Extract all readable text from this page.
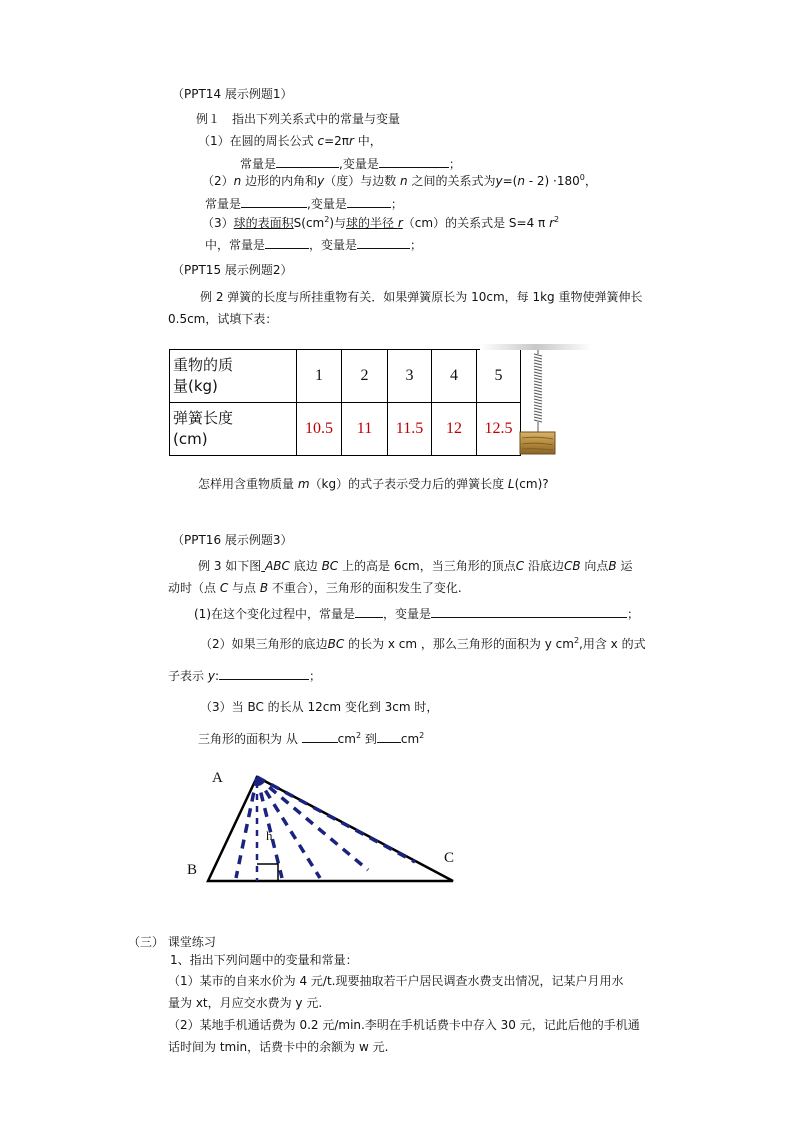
（PPT14 展示例题1）
例１　指出下列关系式中的常量与变量
（1）在圆的周长公式 c=2πr 中，
常量是	,变量是	；
（2）n 边形的内角和y（度）与边数 n 之间的关系式为$y=(n - 2) \cdot 180^0$，
常量是	,变量是	；
（3）球的表面积$S(cm^2)$与球的半径 r（cm）的关系式是 S=4 π $r^2$
中，常量是	，变量是	；
（PPT15 展示例题2）
例 2 弹簧的长度与所挂重物有关．如果弹簧原长为 10cm，每 1kg 重物使弹簧伸长
0.5cm，试填下表：
重物的质
量(kg)	1	2	3	4	5
弹簧长度
(cm)	10.5	11	11.5	12	12.5
怎样用含重物质量 m（kg）的式子表示受力后的弹簧长度 L(cm)?
（PPT16 展示例题3）
例 3 如下图 ABC 底边 BC 上的高是 6cm，当三角形的顶点C 沿底边CB 向点B 运
动时（点 C 与点 B 不重合），三角形的面积发生了变化.
(1)在这个变化过程中，常量是 ，变量是	；
（2）如果三角形的底边BC 的长为 x cm ，那么三角形的面积为 y $cm^2$,用含 x 的式
子表示 y:	；
（3）当 BC 的长从 12cm 变化到 3cm 时，
三角形的面积为 从	$cm^2$ 到 $cm^2$
A
B
C
h
（三） 课堂练习
1、指出下列问题中的变量和常量：
（1）某市的自来水价为 4 元/t.现要抽取若干户居民调查水费支出情况，记某户月用水
量为 xt，月应交水费为 y 元.
（2）某地手机通话费为 0.2 元/min.李明在手机话费卡中存入 30 元，记此后他的手机通
话时间为 tmin，话费卡中的余额为 w 元.
